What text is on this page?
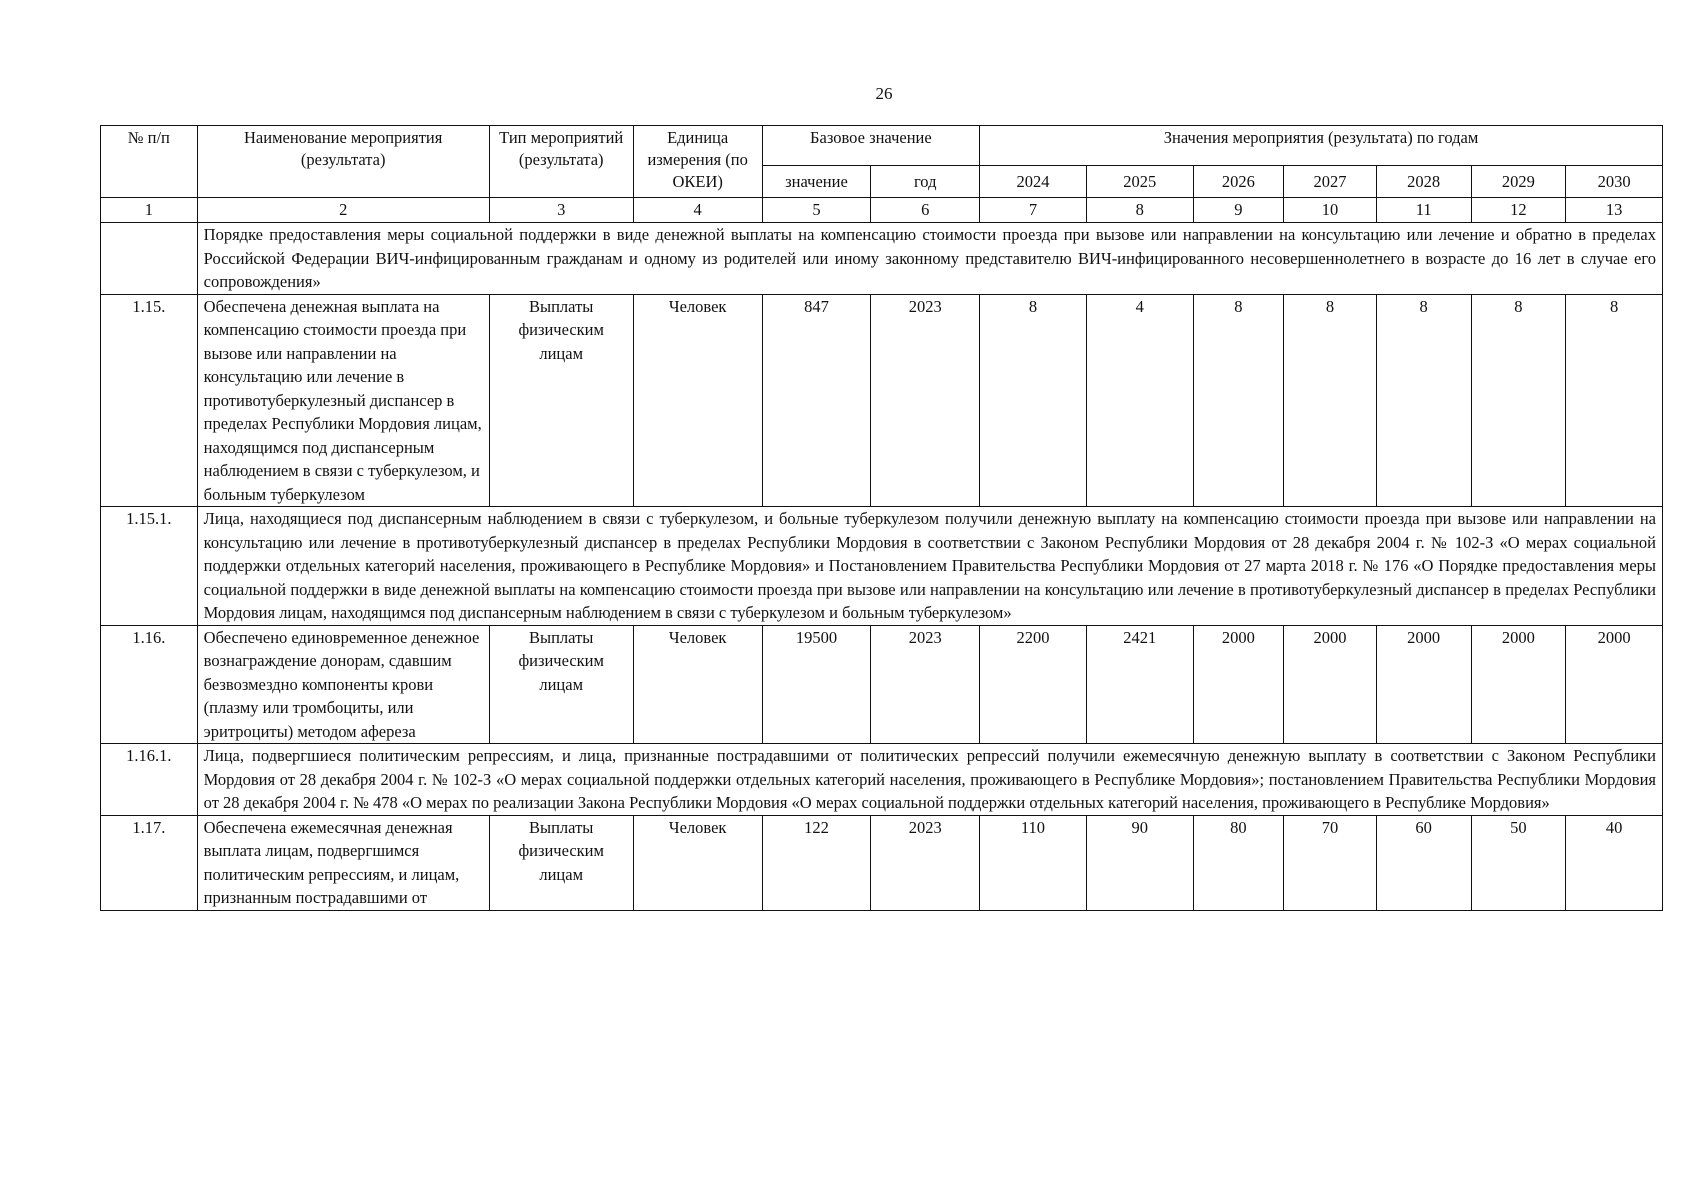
26
№ п/п	Наименование мероприятия (результата)	Тип мероприятий (результата)	Единица измерения (по ОКЕИ)	Базовое значение		Значения мероприятия (результата) по годам						
				значение	год	2024	2025	2026	2027	2028	2029	2030
1	2	3	4	5	6	7	8	9	10	11	12	13
	Порядке предоставления меры социальной поддержки в виде денежной выплаты на компенсацию стоимости проезда при вызове или направлении на консультацию или лечение и обратно в пределах Российской Федерации ВИЧ-инфицированным гражданам и одному из родителей или иному законному представителю ВИЧ-инфицированного несовершеннолетнего в возрасте до 16 лет в случае его сопровождения»											
1.15.	Обеспечена денежная выплата на компенсацию стоимости проезда при вызове или направлении на консультацию или лечение в противотуберкулезный диспансер в пределах Республики Мордовия лицам, находящимся под диспансерным наблюдением в связи с туберкулезом, и больным туберкулезом	Выплаты физическим лицам	Человек	847	2023	8	4	8	8	8	8	8
1.15.1.	Лица, находящиеся под диспансерным наблюдением в связи с туберкулезом, и больные туберкулезом получили денежную выплату на компенсацию стоимости проезда при вызове или направлении на консультацию или лечение в противотуберкулезный диспансер в пределах Республики Мордовия в соответствии с Законом Республики Мордовия от 28 декабря 2004 г. № 102-З «О мерах социальной поддержки отдельных категорий населения, проживающего в Республике Мордовия» и Постановлением Правительства Республики Мордовия от 27 марта 2018 г. № 176 «О Порядке предоставления меры социальной поддержки в виде денежной выплаты на компенсацию стоимости проезда при вызове или направлении на консультацию или лечение в противотуберкулезный диспансер в пределах Республики Мордовия лицам, находящимся под диспансерным наблюдением в связи с туберкулезом и больным туберкулезом»											
1.16.	Обеспечено единовременное денежное вознаграждение донорам, сдавшим безвозмездно компоненты крови (плазму или тромбоциты, или эритроциты) методом афереза	Выплаты физическим лицам	Человек	19500	2023	2200	2421	2000	2000	2000	2000	2000
1.16.1.	Лица, подвергшиеся политическим репрессиям, и лица, признанные пострадавшими от политических репрессий получили ежемесячную денежную выплату в соответствии с Законом Республики Мордовия от 28 декабря 2004 г. № 102-З «О мерах социальной поддержки отдельных категорий населения, проживающего в Республике Мордовия»; постановлением Правительства Республики Мордовия от 28 декабря 2004 г. № 478 «О мерах по реализации Закона Республики Мордовия «О мерах социальной поддержки отдельных категорий населения, проживающего в Республике Мордовия»											
1.17.	Обеспечена ежемесячная денежная выплата лицам, подвергшимся политическим репрессиям, и лицам, признанным пострадавшими от	Выплаты физическим лицам	Человек	122	2023	110	90	80	70	60	50	40
